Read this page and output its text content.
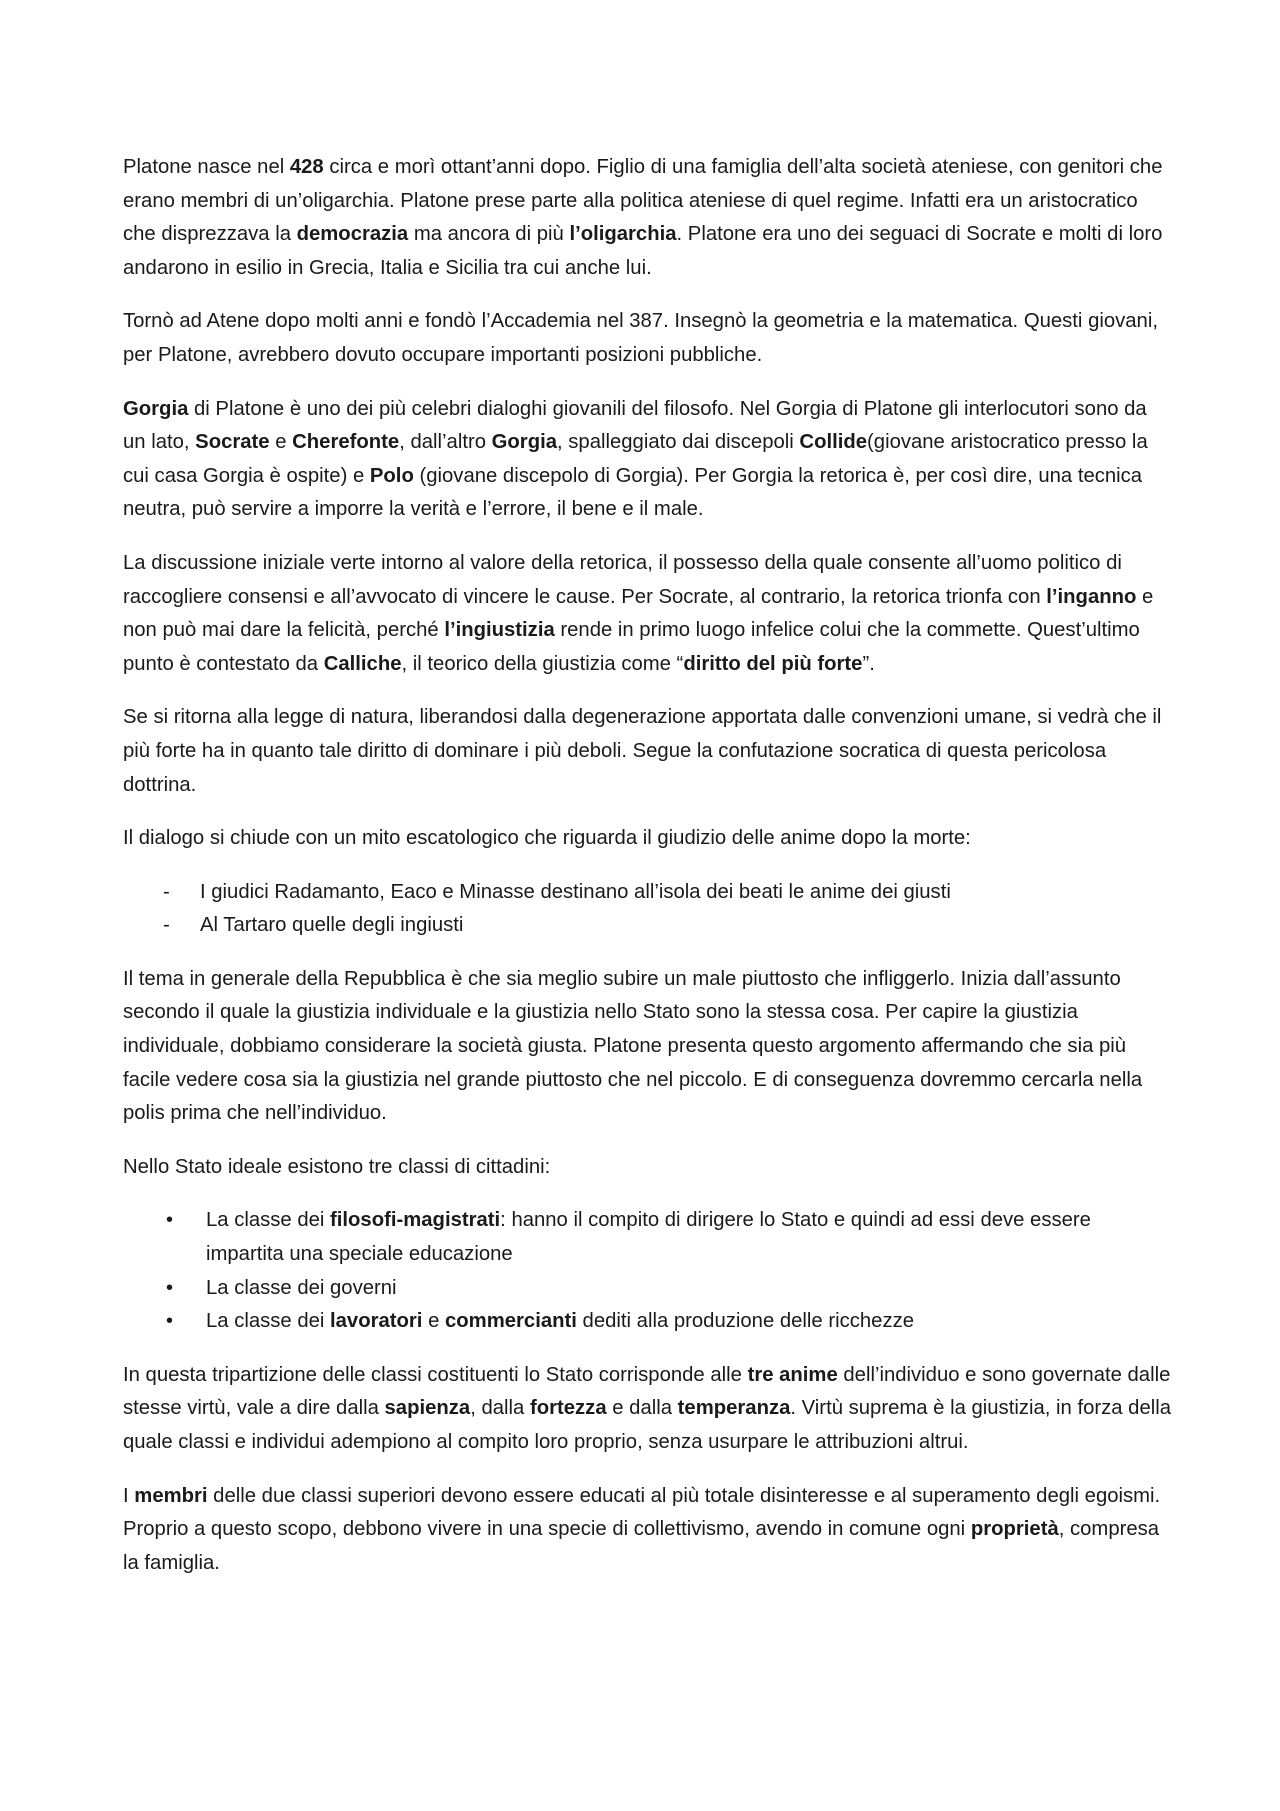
Platone nasce nel 428 circa e morì ottant’anni dopo. Figlio di una famiglia dell’alta società ateniese, con genitori che erano membri di un’oligarchia. Platone prese parte alla politica ateniese di quel regime. Infatti era un aristocratico che disprezzava la democrazia ma ancora di più l’oligarchia. Platone era uno dei seguaci di Socrate e molti di loro andarono in esilio in Grecia, Italia e Sicilia tra cui anche lui.

Tornò ad Atene dopo molti anni e fondò l’Accademia nel 387. Insegnò la geometria e la matematica. Questi giovani, per Platone, avrebbero dovuto occupare importanti posizioni pubbliche.

Gorgia di Platone è uno dei più celebri dialoghi giovanili del filosofo. Nel Gorgia di Platone gli interlocutori sono da un lato, Socrate e Cherefonte, dall’altro Gorgia, spalleggiato dai discepoli Collide(giovane aristocratico presso la cui casa Gorgia è ospite) e Polo (giovane discepolo di Gorgia). Per Gorgia la retorica è, per così dire, una tecnica neutra, può servire a imporre la verità e l’errore, il bene e il male.

La discussione iniziale verte intorno al valore della retorica, il possesso della quale consente all’uomo politico di raccogliere consensi e all’avvocato di vincere le cause. Per Socrate, al contrario, la retorica trionfa con l’inganno e non può mai dare la felicità, perché l’ingiustizia rende in primo luogo infelice colui che la commette. Quest’ultimo punto è contestato da Calliche, il teorico della giustizia come “diritto del più forte”.

Se si ritorna alla legge di natura, liberandosi dalla degenerazione apportata dalle convenzioni umane, si vedrà che il più forte ha in quanto tale diritto di dominare i più deboli. Segue la confutazione socratica di questa pericolosa dottrina.

Il dialogo si chiude con un mito escatologico che riguarda il giudizio delle anime dopo la morte:

- I giudici Radamanto, Eaco e Minasse destinano all’isola dei beati le anime dei giusti
- Al Tartaro quelle degli ingiusti

Il tema in generale della Repubblica è che sia meglio subire un male piuttosto che infliggerlo. Inizia dall’assunto secondo il quale la giustizia individuale e la giustizia nello Stato sono la stessa cosa. Per capire la giustizia individuale, dobbiamo considerare la società giusta. Platone presenta questo argomento affermando che sia più facile vedere cosa sia la giustizia nel grande piuttosto che nel piccolo. E di conseguenza dovremmo cercarla nella polis prima che nell’individuo.

Nello Stato ideale esistono tre classi di cittadini:

• La classe dei filosofi-magistrati: hanno il compito di dirigere lo Stato e quindi ad essi deve essere impartita una speciale educazione
• La classe dei governi
• La classe dei lavoratori e commercianti dediti alla produzione delle ricchezze

In questa tripartizione delle classi costituenti lo Stato corrisponde alle tre anime dell’individuo e sono governate dalle stesse virtù, vale a dire dalla sapienza, dalla fortezza e dalla temperanza. Virtù suprema è la giustizia, in forza della quale classi e individui adempiono al compito loro proprio, senza usurpare le attribuzioni altrui.

I membri delle due classi superiori devono essere educati al più totale disinteresse e al superamento degli egoismi. Proprio a questo scopo, debbono vivere in una specie di collettivismo, avendo in comune ogni proprietà, compresa la famiglia.
